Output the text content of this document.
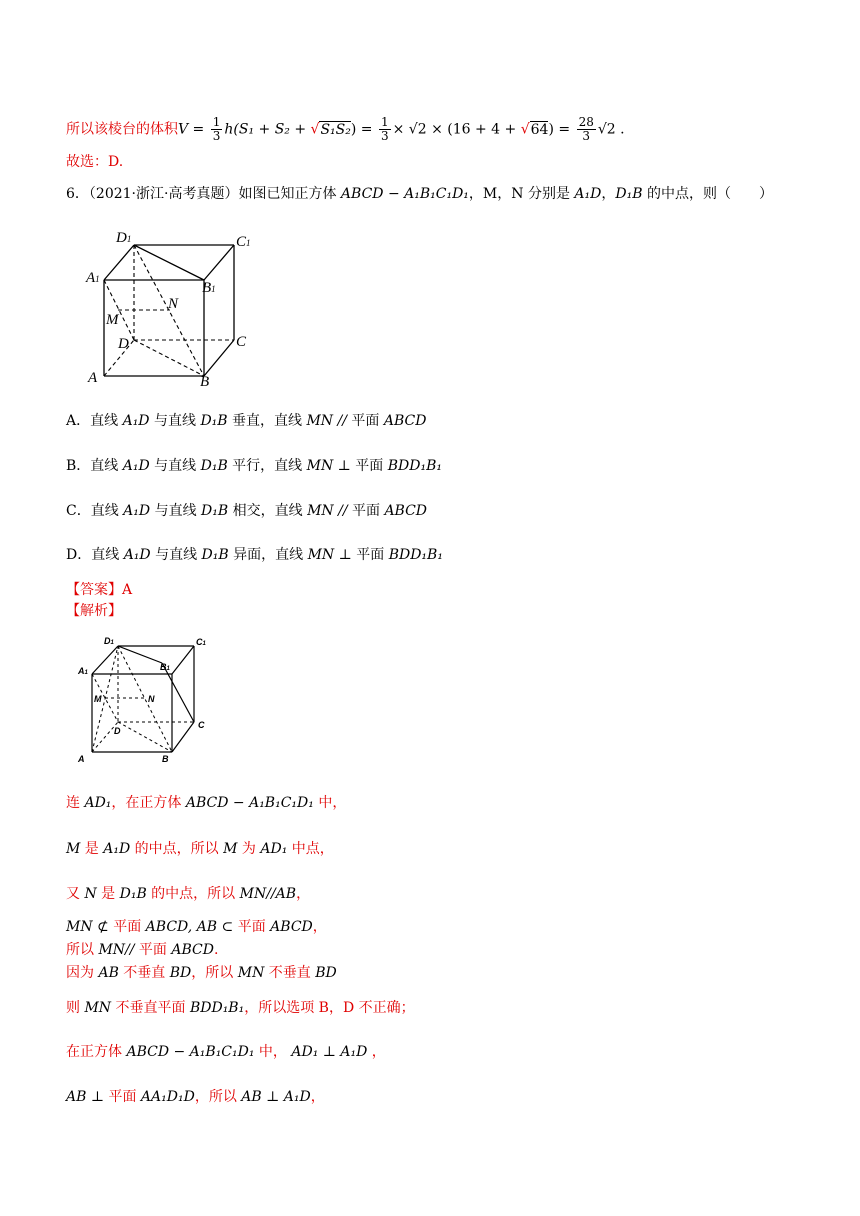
所以该棱台的体积$V = \frac{1}{3} h(S_1 + S_2 + √S_1S_2) = \frac{1}{3} \times √2 \times (16 + 4 + √64) = \frac{28}{3} √2$ .
故选：D.
6．（2021·浙江·高考真题）如图已知正方体 ABCD − A₁B₁C₁D₁，M，N 分别是 A₁D，D₁B 的中点，则（　　）
D1	C1
A1
B1
N
M
D	C
A	B
A．直线 A₁D 与直线 D₁B 垂直，直线 MN // 平面 ABCD
B．直线 A₁D 与直线 D₁B 平行，直线 MN ⊥ 平面 BDD₁B₁
C．直线 A₁D 与直线 D₁B 相交，直线 MN // 平面 ABCD
D．直线 A₁D 与直线 D₁B 异面，直线 MN ⊥ 平面 BDD₁B₁
【答案】A
【解析】
D1	C1
A1
B1
N
M
D
C
A	B
连 AD₁，在正方体 ABCD − A₁B₁C₁D₁ 中，
M 是 A₁D 的中点，所以 M 为 AD₁ 中点，
又 N 是 D₁B 的中点，所以 MN//AB，
MN ⊄ 平面 ABCD, AB ⊂ 平面 ABCD，
所以 MN// 平面 ABCD.
因为 AB 不垂直 BD，所以 MN 不垂直 BD
则 MN 不垂直平面 BDD₁B₁，所以选项 B，D 不正确；
在正方体 ABCD − A₁B₁C₁D₁ 中， AD₁ ⊥ A₁D ，
AB ⊥ 平面 AA₁D₁D，所以 AB ⊥ A₁D，
